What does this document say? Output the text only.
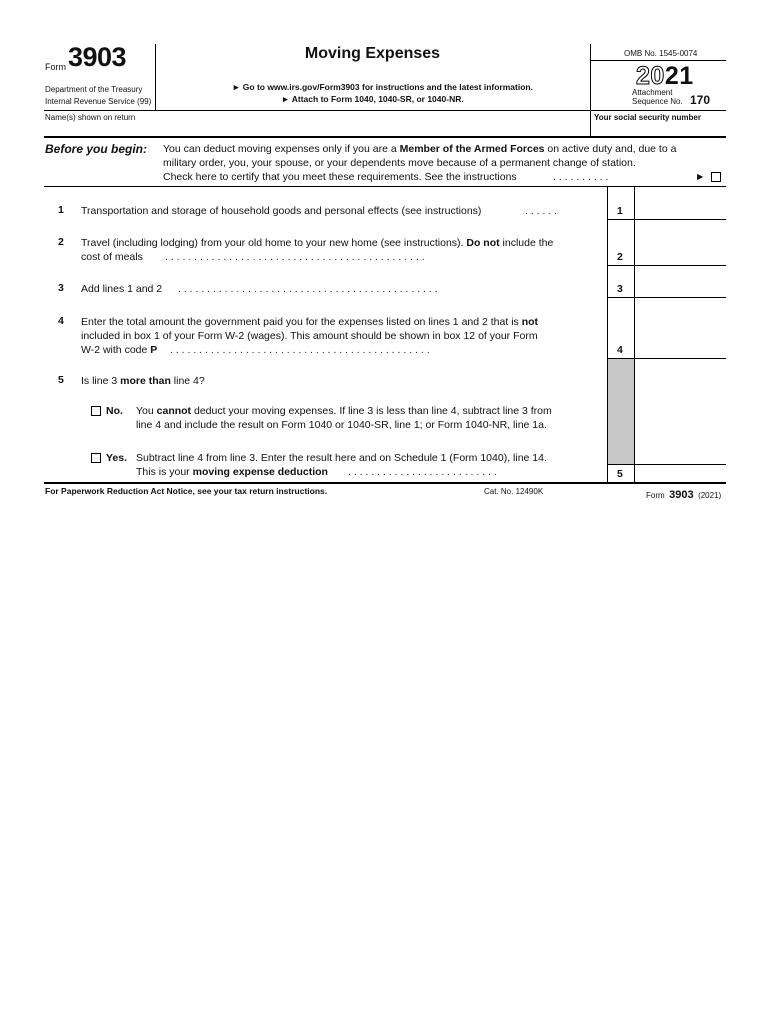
Form 3903
Department of the Treasury
Internal Revenue Service (99)
Moving Expenses
► Go to www.irs.gov/Form3903 for instructions and the latest information.
► Attach to Form 1040, 1040-SR, or 1040-NR.
OMB No. 1545-0074
2021
Attachment
Sequence No. 170
Name(s) shown on return	Your social security number
Before you begin: You can deduct moving expenses only if you are a Member of the Armed Forces on active duty and, due to a
military order, you, your spouse, or your dependents move because of a permanent change of station.
Check here to certify that you meet these requirements. See the instructions	. . . . . . . . . .	►
1 Transportation and storage of household goods and personal effects (see instructions)	. . . . . .	1
2 Travel (including lodging) from your old home to your new home (see instructions). Do not include the
cost of meals . . . . . . . . . . . . . . . . . . . . . . . . . . . . . . . . . . . . . . . . . . . . .	2
3 Add lines 1 and 2 . . . . . . . . . . . . . . . . . . . . . . . . . . . . . . . . . . . . . . . . . . . . .	3
4 Enter the total amount the government paid you for the expenses listed on lines 1 and 2 that is not
included in box 1 of your Form W-2 (wages). This amount should be shown in box 12 of your Form
W-2 with code P . . . . . . . . . . . . . . . . . . . . . . . . . . . . . . . . . . . . . . . . . . . . .	4
5 Is line 3 more than line 4?
No. You cannot deduct your moving expenses. If line 3 is less than line 4, subtract line 3 from
line 4 and include the result on Form 1040 or 1040-SR, line 1; or Form 1040-NR, line 1a.
Yes. Subtract line 4 from line 3. Enter the result here and on Schedule 1 (Form 1040), line 14.
This is your moving expense deduction . . . . . . . . . . . . . . . . . . . . . . . . . .	5
For Paperwork Reduction Act Notice, see your tax return instructions.	Cat. No. 12490K	Form 3903 (2021)
